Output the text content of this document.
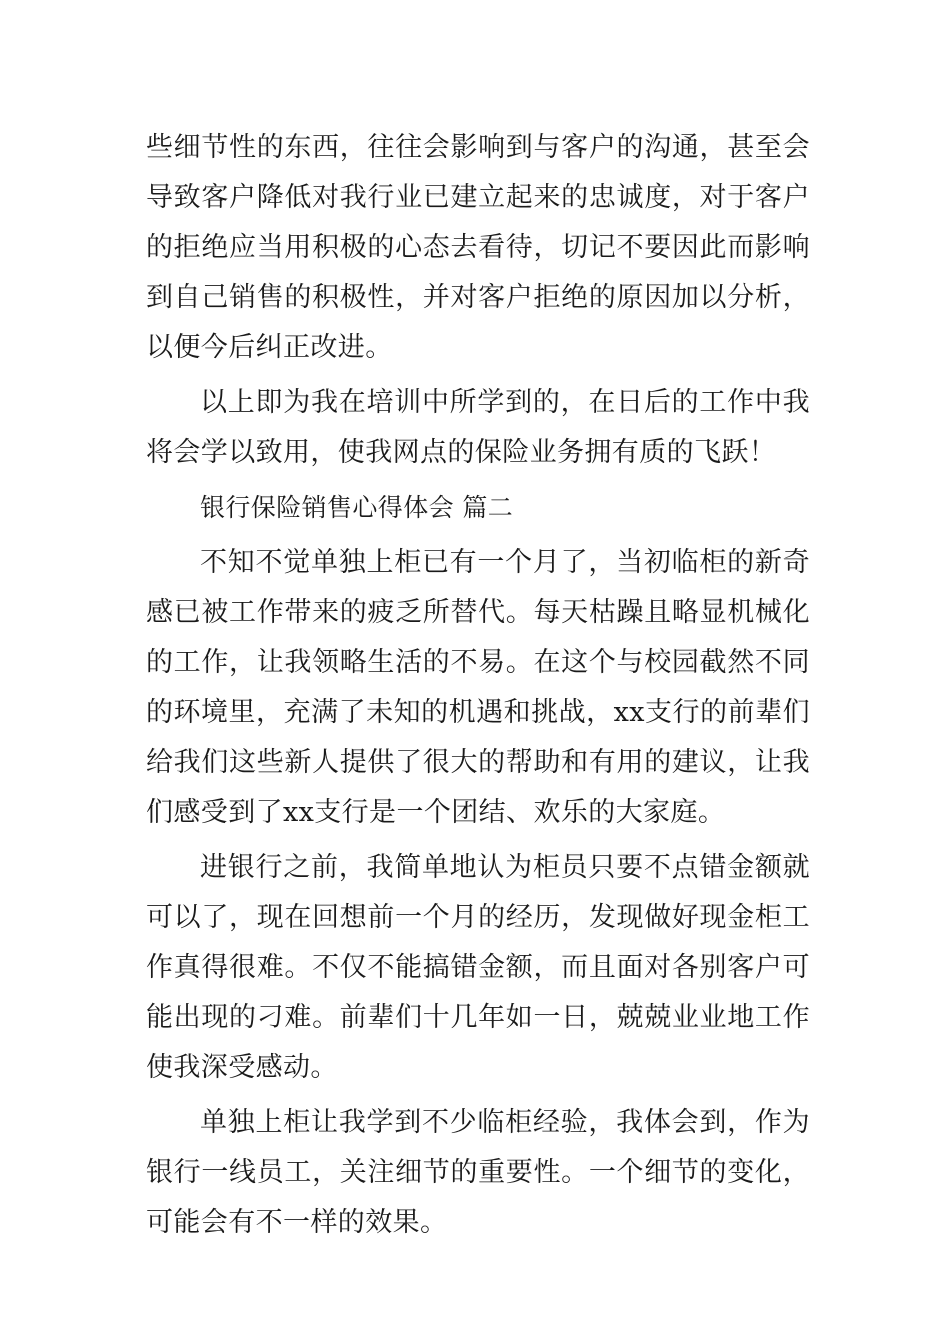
些细节性的东西，往往会影响到与客户的沟通，甚至会导致客户降低对我行业已建立起来的忠诚度，对于客户的拒绝应当用积极的心态去看待，切记不要因此而影响到自己销售的积极性，并对客户拒绝的原因加以分析，以便今后纠正改进。

以上即为我在培训中所学到的，在日后的工作中我将会学以致用，使我网点的保险业务拥有质的飞跃！

银行保险销售心得体会 篇二

不知不觉单独上柜已有一个月了，当初临柜的新奇感已被工作带来的疲乏所替代。每天枯躁且略显机械化的工作，让我领略生活的不易。在这个与校园截然不同的环境里，充满了未知的机遇和挑战，xx支行的前辈们给我们这些新人提供了很大的帮助和有用的建议，让我们感受到了xx支行是一个团结、欢乐的大家庭。

进银行之前，我简单地认为柜员只要不点错金额就可以了，现在回想前一个月的经历，发现做好现金柜工作真得很难。不仅不能搞错金额，而且面对各别客户可能出现的刁难。前辈们十几年如一日，兢兢业业地工作使我深受感动。

单独上柜让我学到不少临柜经验，我体会到，作为银行一线员工，关注细节的重要性。一个细节的变化，可能会有不一样的效果。
